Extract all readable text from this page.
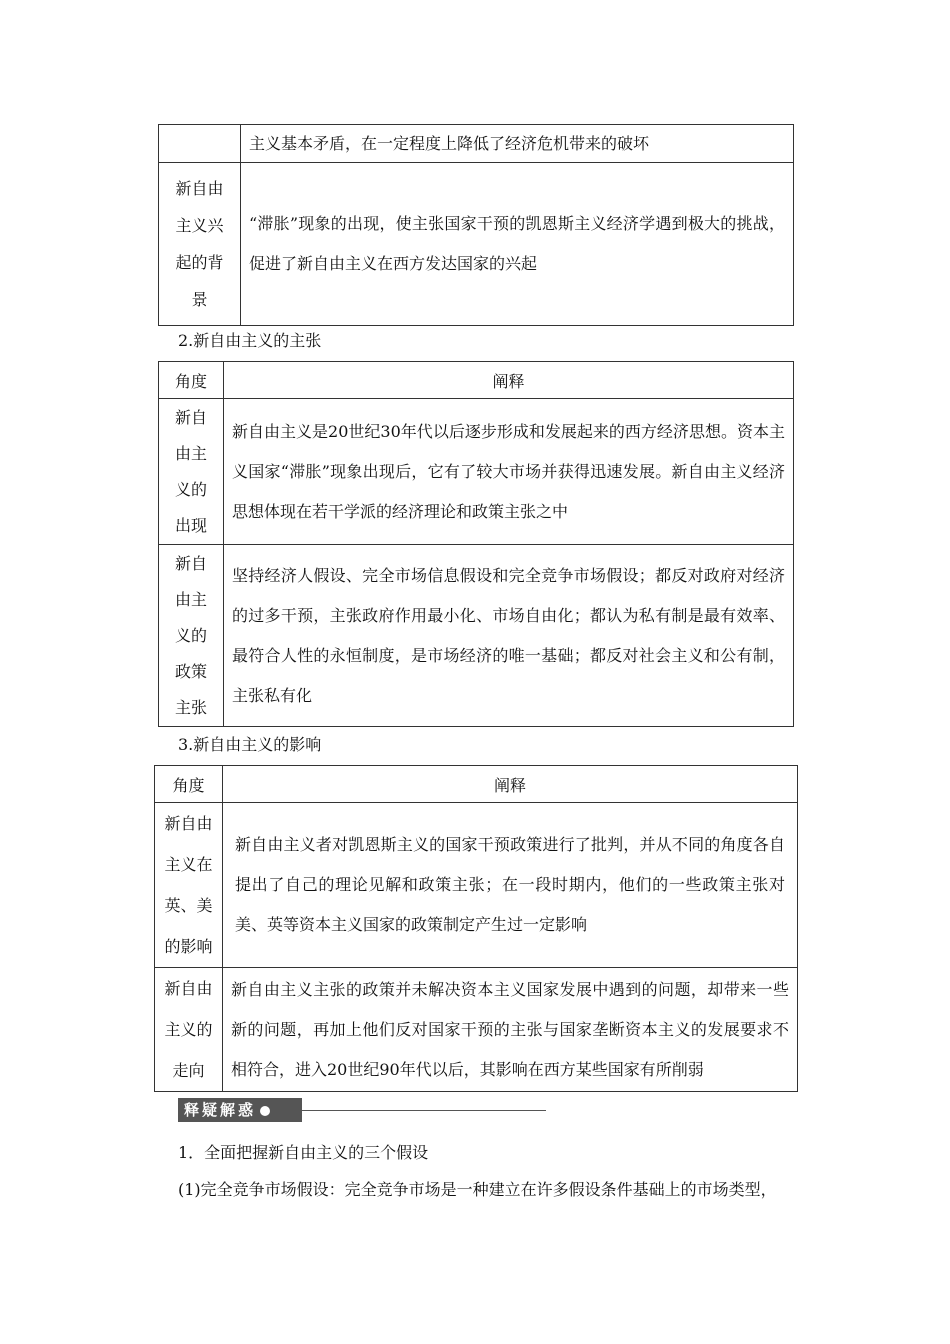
	主义基本矛盾，在一定程度上降低了经济危机带来的破坏
新自由主义兴起的背景	“滞胀”现象的出现，使主张国家干预的凯恩斯主义经济学遇到极大的挑战，促进了新自由主义在西方发达国家的兴起
2.新自由主义的主张
角度	阐释
新自由主义的出现	新自由主义是20世纪30年代以后逐步形成和发展起来的西方经济思想。资本主义国家“滞胀”现象出现后，它有了较大市场并获得迅速发展。新自由主义经济思想体现在若干学派的经济理论和政策主张之中
新自由主义的政策主张	坚持经济人假设、完全市场信息假设和完全竞争市场假设；都反对政府对经济的过多干预，主张政府作用最小化、市场自由化；都认为私有制是最有效率、最符合人性的永恒制度，是市场经济的唯一基础；都反对社会主义和公有制，主张私有化
3.新自由主义的影响
角度	阐释
新自由主义在英、美的影响	新自由主义者对凯恩斯主义的国家干预政策进行了批判，并从不同的角度各自提出了自己的理论见解和政策主张；在一段时期内，他们的一些政策主张对美、英等资本主义国家的政策制定产生过一定影响
新自由主义的走向	新自由主义主张的政策并未解决资本主义国家发展中遇到的问题，却带来一些新的问题，再加上他们反对国家干预的主张与国家垄断资本主义的发展要求不相符合，进入20世纪90年代以后，其影响在西方某些国家有所削弱
释疑解惑
1．全面把握新自由主义的三个假设
(1)完全竞争市场假设：完全竞争市场是一种建立在许多假设条件基础上的市场类型，
